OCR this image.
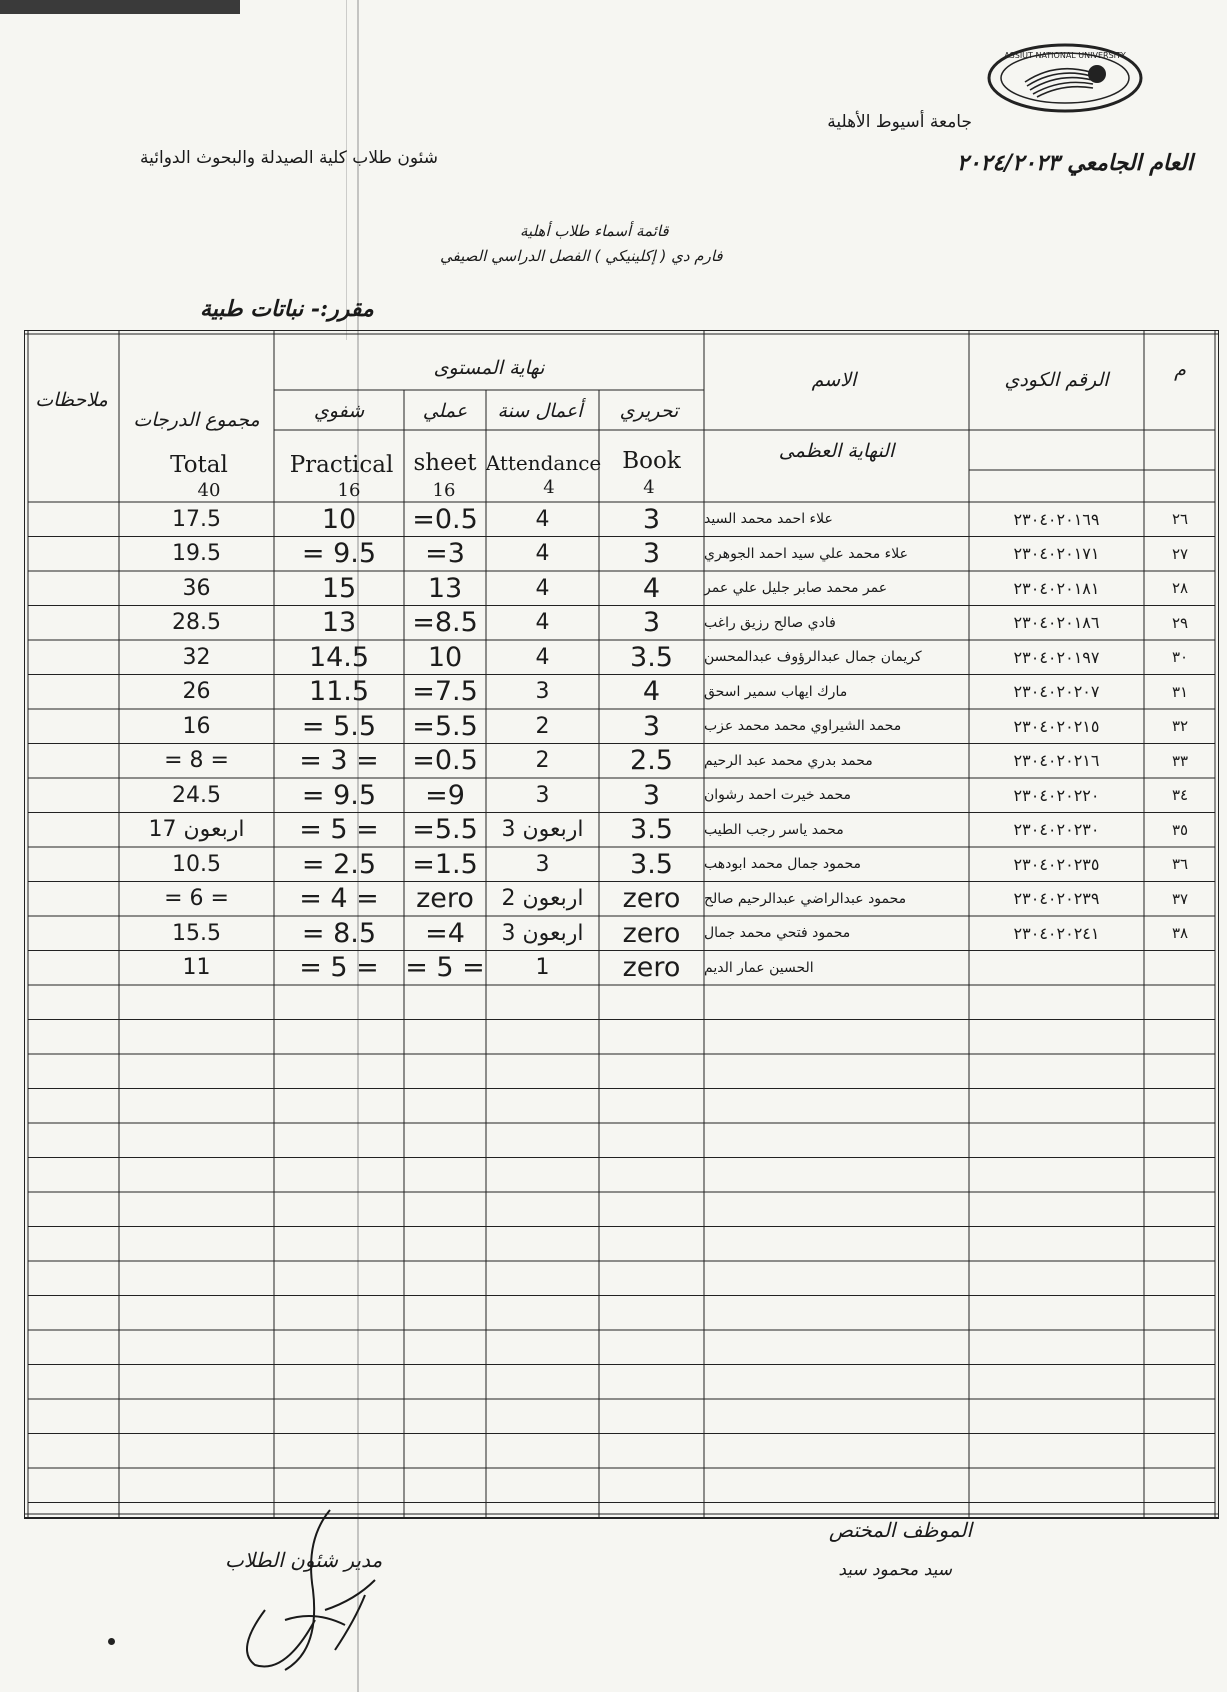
ASSIUT NATIONAL UNIVERSITY
جامعة أسيوط الأهلية
العام الجامعي ٢٠٢٤/٢٠٢٣
شئون طلاب كلية الصيدلة والبحوث الدوائية
قائمة أسماء طلاب أهلية
فارم دي ( إكلينيكي ) الفصل الدراسي الصيفي
مقرر:- نباتات طبية
م
الرقم الكودي
الاسم
نهاية المستوى
تحريري
أعمال سنة
عملي
شفوي
مجموع الدرجات
ملاحظات
النهاية العظمى
Book
Attendance
sheet
Practical
Total
4
4
16
16
40
٢٦
٢٣٠٤٠٢٠١٦٩
علاء احمد محمد السيد
3
4
=0.5
10
17.5
٢٧
٢٣٠٤٠٢٠١٧١
علاء محمد علي سيد احمد الجوهري
3
4
=3
= 9.5
19.5
٢٨
٢٣٠٤٠٢٠١٨١
عمر محمد صابر جليل علي عمر
4
4
13
15
36
٢٩
٢٣٠٤٠٢٠١٨٦
فادي صالح رزيق راغب
3
4
=8.5
13
28.5
٣٠
٢٣٠٤٠٢٠١٩٧
كريمان جمال عبدالرؤوف عبدالمحسن
3.5
4
10
14.5
32
٣١
٢٣٠٤٠٢٠٢٠٧
مارك ايهاب سمير اسحق
4
3
=7.5
11.5
26
٣٢
٢٣٠٤٠٢٠٢١٥
محمد الشيراوي محمد محمد عزب
3
2
=5.5
= 5.5
16
٣٣
٢٣٠٤٠٢٠٢١٦
محمد بدري محمد عبد الرحيم
2.5
2
=0.5
= 3 =
= 8 =
٣٤
٢٣٠٤٠٢٠٢٢٠
محمد خيرت احمد رشوان
3
3
=9
= 9.5
24.5
٣٥
٢٣٠٤٠٢٠٢٣٠
محمد ياسر رجب الطيب
3.5
3 اربعون
=5.5
= 5 =
17 اربعون
٣٦
٢٣٠٤٠٢٠٢٣٥
محمود جمال محمد ابودهب
3.5
3
=1.5
= 2.5
10.5
٣٧
٢٣٠٤٠٢٠٢٣٩
محمود عبدالراضي عبدالرحيم صالح
zero
2 اربعون
zero
= 4 =
= 6 =
٣٨
٢٣٠٤٠٢٠٢٤١
محمود فتحي محمد جمال
zero
3 اربعون
=4
= 8.5
15.5
الحسين عمار الديم
zero
1
= 5 =
= 5 =
11
الموظف المختص
سيد محمود سيد
مدير شئون الطلاب
